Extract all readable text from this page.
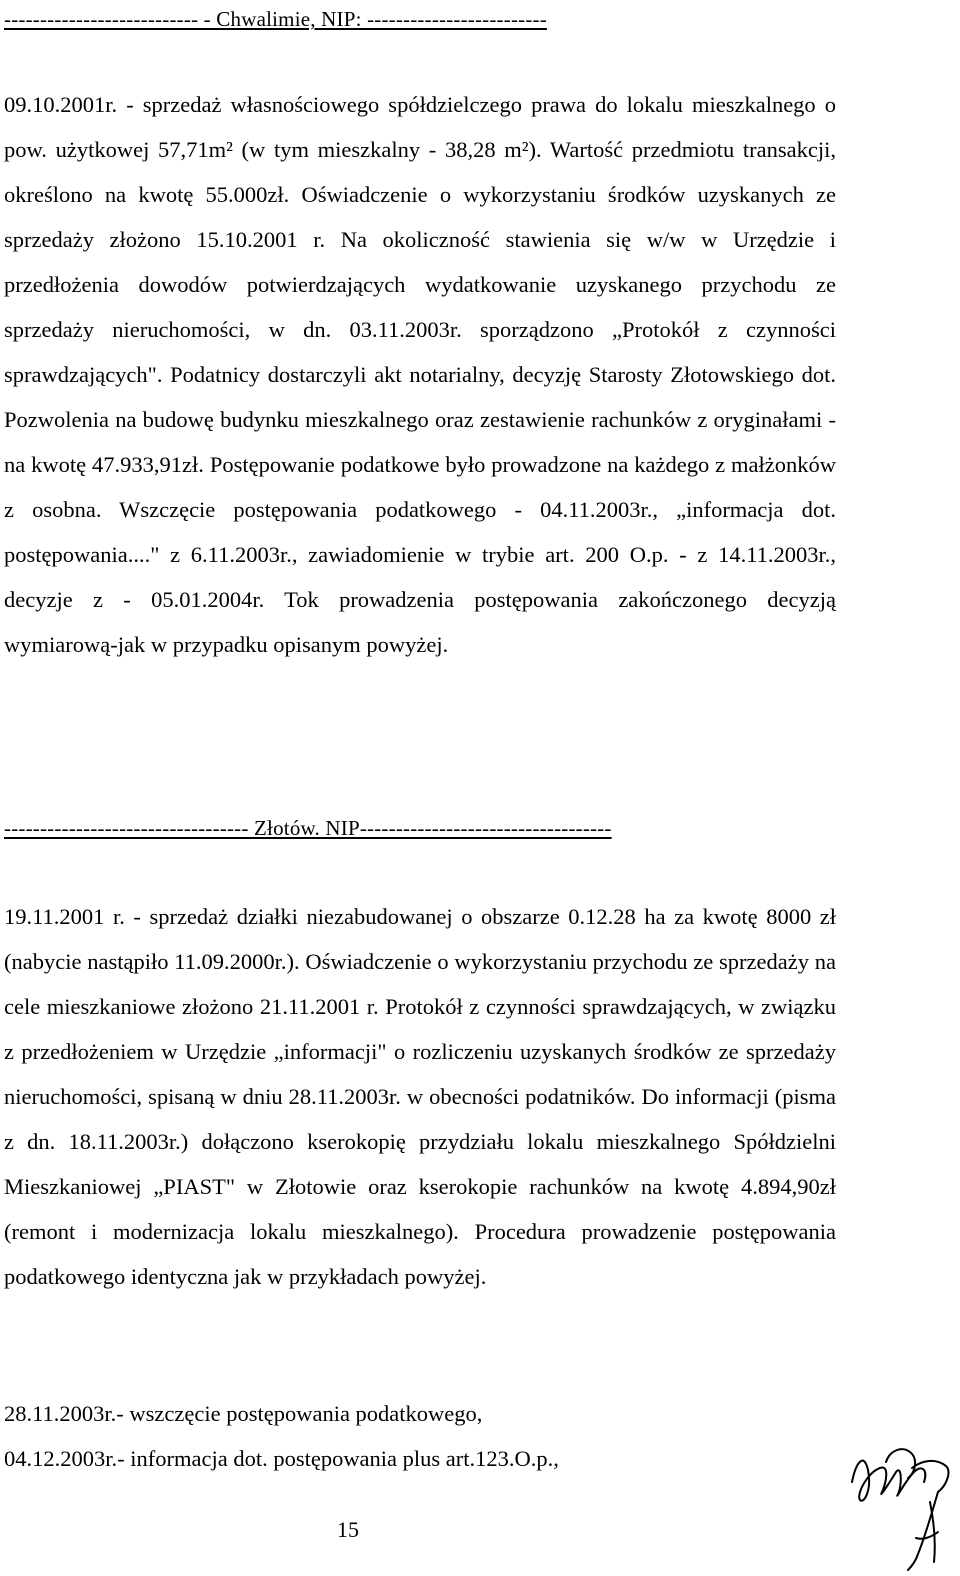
--------------------------- - Chwalimie, NIP: -------------------------

09.10.2001r. - sprzedaż własnościowego spółdzielczego prawa do lokalu mieszkalnego o pow. użytkowej 57,71m² (w tym mieszkalny - 38,28 m²). Wartość przedmiotu transakcji, określono na kwotę 55.000zł. Oświadczenie o wykorzystaniu środków uzyskanych ze sprzedaży złożono 15.10.2001 r. Na okoliczność stawienia się w/w w Urzędzie i przedłożenia dowodów potwierdzających wydatkowanie uzyskanego przychodu ze sprzedaży nieruchomości, w dn. 03.11.2003r. sporządzono „Protokół z czynności sprawdzających". Podatnicy dostarczyli akt notarialny, decyzję Starosty Złotowskiego dot. Pozwolenia na budowę budynku mieszkalnego oraz zestawienie rachunków z oryginałami - na kwotę 47.933,91zł. Postępowanie podatkowe było prowadzone na każdego z małżonków z osobna. Wszczęcie postępowania podatkowego - 04.11.2003r., „informacja dot. postępowania...." z 6.11.2003r., zawiadomienie w trybie art. 200 O.p. - z 14.11.2003r., decyzje z - 05.01.2004r. Tok prowadzenia postępowania zakończonego decyzją wymiarową-jak w przypadku opisanym powyżej.

---------------------------------- Złotów. NIP-----------------------------------

19.11.2001 r. - sprzedaż działki niezabudowanej o obszarze 0.12.28 ha za kwotę 8000 zł (nabycie nastąpiło 11.09.2000r.). Oświadczenie o wykorzystaniu przychodu ze sprzedaży na cele mieszkaniowe złożono 21.11.2001 r. Protokół z czynności sprawdzających, w związku z przedłożeniem w Urzędzie „informacji" o rozliczeniu uzyskanych środków ze sprzedaży nieruchomości, spisaną w dniu 28.11.2003r. w obecności podatników. Do informacji (pisma z dn. 18.11.2003r.) dołączono kserokopię przydziału lokalu mieszkalnego Spółdzielni Mieszkaniowej „PIAST" w Złotowie oraz kserokopie rachunków na kwotę 4.894,90zł (remont i modernizacja lokalu mieszkalnego). Procedura prowadzenie postępowania podatkowego identyczna jak w przykładach powyżej.

28.11.2003r.- wszczęcie postępowania podatkowego,
04.12.2003r.- informacja dot. postępowania plus art.123.O.p.,
15
